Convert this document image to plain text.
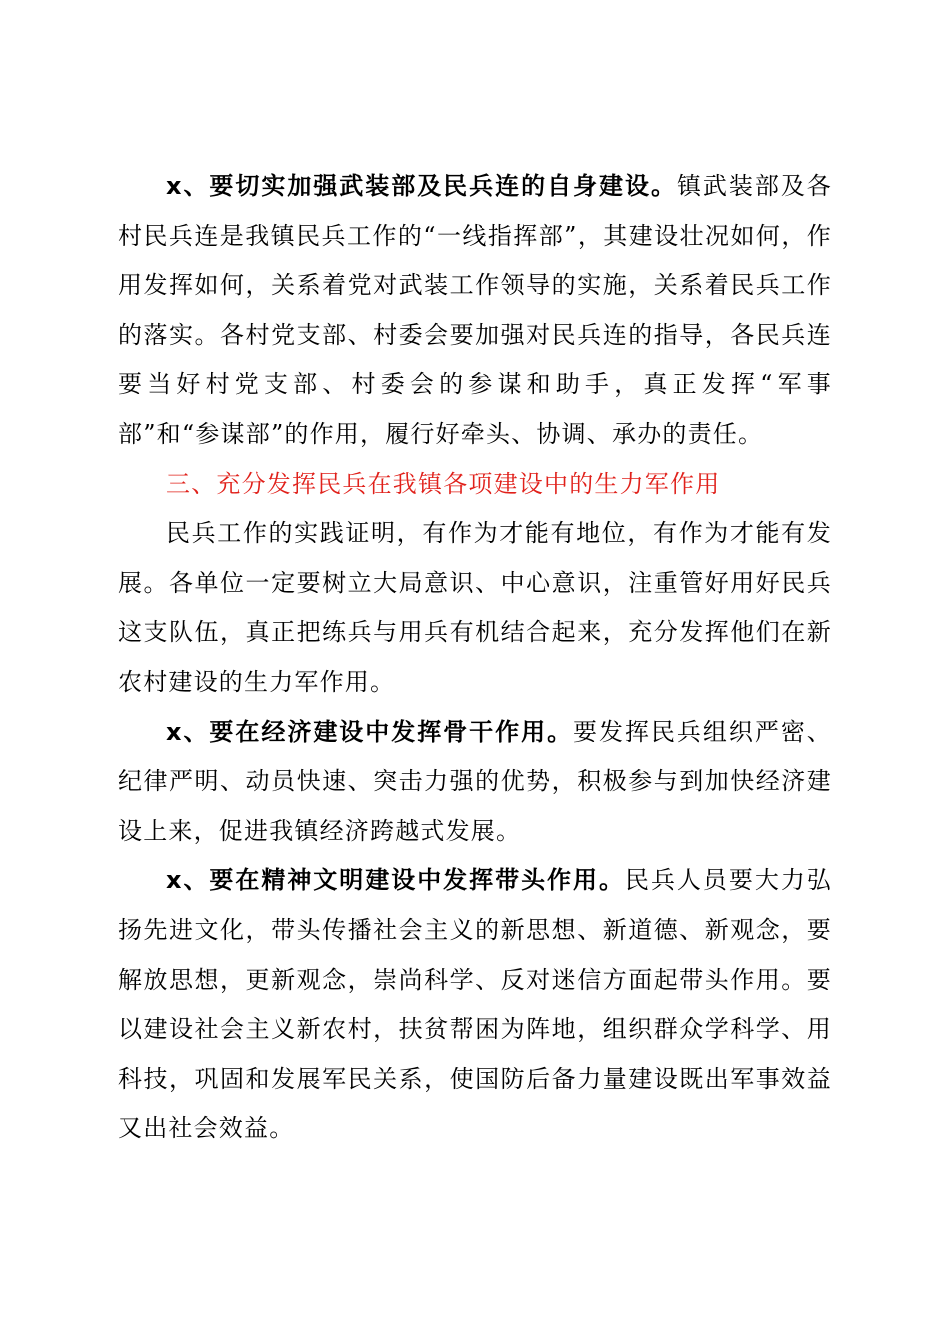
x、要切实加强武装部及民兵连的自身建设。镇武装部及各村民兵连是我镇民兵工作的“一线指挥部”，其建设壮况如何，作用发挥如何，关系着党对武装工作领导的实施，关系着民兵工作的落实。各村党支部、村委会要加强对民兵连的指导，各民兵连要当好村党支部、村委会的参谋和助手，真正发挥“军事部”和“参谋部”的作用，履行好牵头、协调、承办的责任。

三、充分发挥民兵在我镇各项建设中的生力军作用

民兵工作的实践证明，有作为才能有地位，有作为才能有发展。各单位一定要树立大局意识、中心意识，注重管好用好民兵这支队伍，真正把练兵与用兵有机结合起来，充分发挥他们在新农村建设的生力军作用。

x、要在经济建设中发挥骨干作用。要发挥民兵组织严密、纪律严明、动员快速、突击力强的优势，积极参与到加快经济建设上来，促进我镇经济跨越式发展。

x、要在精神文明建设中发挥带头作用。民兵人员要大力弘扬先进文化，带头传播社会主义的新思想、新道德、新观念，要解放思想，更新观念，崇尚科学、反对迷信方面起带头作用。要以建设社会主义新农村，扶贫帮困为阵地，组织群众学科学、用科技，巩固和发展军民关系，使国防后备力量建设既出军事效益又出社会效益。
